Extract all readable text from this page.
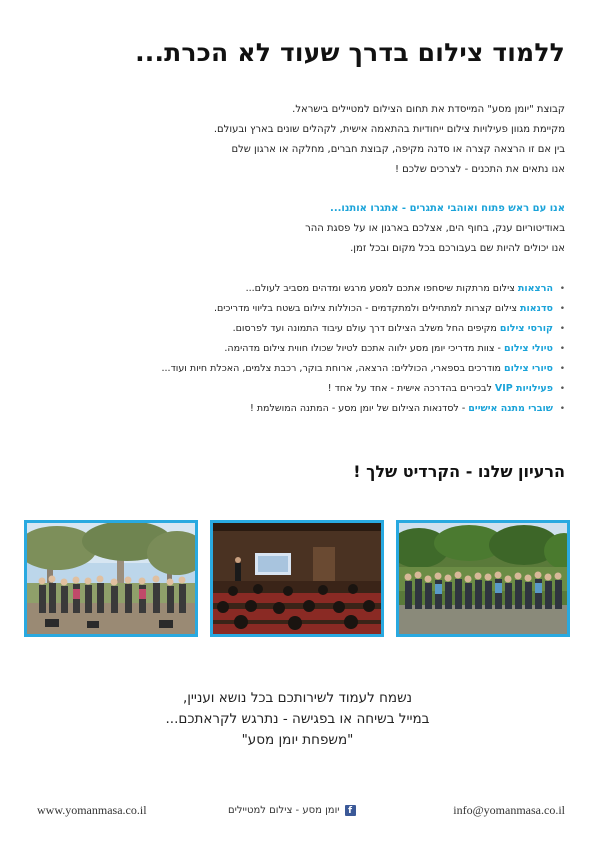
ללמוד צילום בדרך שעוד לא הכרת...

קבוצת "יומן מסע" המייסדת את תחום הצילום למטיילים בישראל.

מקיימת מגוון פעילויות צילום ייחודיות בהתאמה אישית, לקהלים שונים בארץ ובעולם.

בין אם זו הרצאה קצרה או סדנה מקיפה, קבוצת חברים, מחלקה או ארגון שלם

אנו נתאים את התכנים - לצרכים שלכם !

אנו עם ראש פתוח ואוהבי אתגרים - אתגרו אותנו...

באודיטוריום ענק, בחוף הים, אצלכם בארגון או על פסגת ההר

אנו יכולים להיות שם בעבורכם בכל מקום ובכל זמן.

•
הרצאות צילום מרתקות שיסחפו אתכם למסע מרגש ומדהים מסביב לעולם...
•
סדנאות צילום קצרות למתחילים ולמתקדמים - הכוללות צילום בשטח בליווי מדריכים.
•
קורסי צילום מקיפים החל משלב הצילום דרך עולם עיבוד התמונה ועד לפרסום.
•
טיולי צילום - צוות מדריכי יומן מסע ילווה אתכם לטיול שכולו חווית צילום מדהימה.
•
סיורי צילום מודרכים בספארי, הכוללים: הרצאה, ארוחת בוקר, רכבת צלמים, האכלת חיות ועוד...
•
פעילויות VIP לבכירים בהדרכה אישית - אחד על אחד !
•
שוברי מתנה אישיים - לסדנאות הצילום של יומן מסע - המתנה המושלמת !
הרעיון שלנו - הקרדיט שלך !

נשמח לעמוד לשירותכם בכל נושא ועניין,

במייל בשיחה או בפגישה - נתרגש לקראתכם...

"משפחת יומן מסע"

www.yomanmasa.co.il	f
יומן מסע - צילום למטיילים	info@yomanmasa.co.il
